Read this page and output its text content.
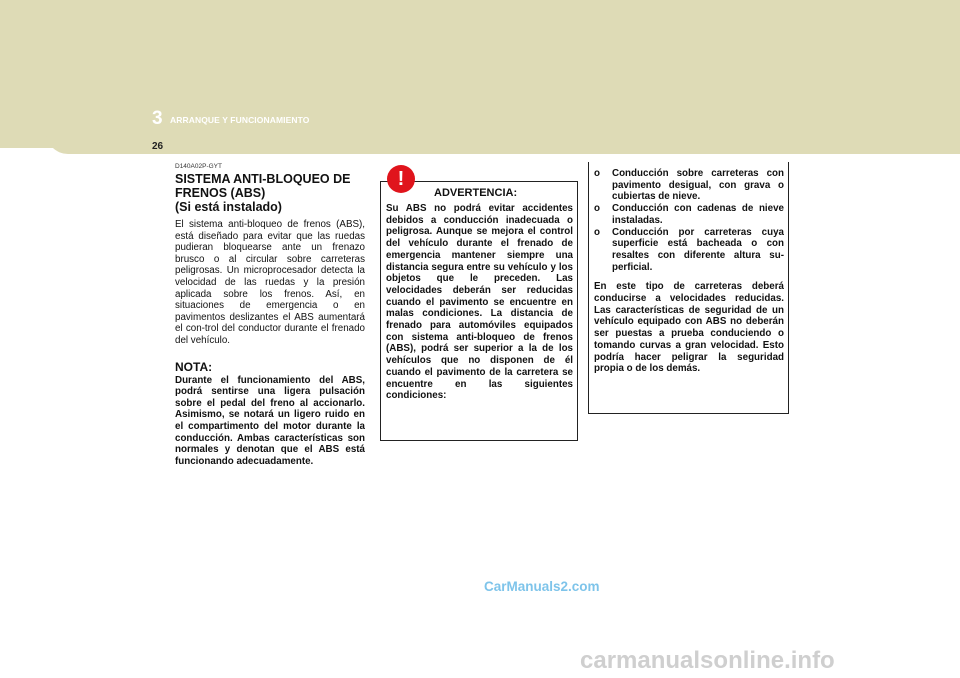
3 ARRANQUE Y FUNCIONAMIENTO
26
D140A02P-GYT

SISTEMA ANTI-BLOQUEO DE FRENOS (ABS)

(Si está instalado)

El sistema anti-bloqueo de frenos (ABS), está diseñado para evitar que las ruedas pudieran bloquearse ante un frenazo brusco o al circular sobre carreteras peligrosas. Un microprocesador detecta la velocidad de las ruedas y la presión aplicada sobre los frenos. Así, en situaciones de emergencia o en pavimentos deslizantes el ABS aumentará el con-trol del conductor durante el frenado del vehículo.

NOTA:

Durante el funcionamiento del ABS, podrá sentirse una ligera pulsación sobre el pedal del freno al accionarlo. Asimismo, se notará un ligero ruido en el compartimento del motor durante la conducción. Ambas características son normales y denotan que el ABS está funcionando adecuadamente.

ADVERTENCIA:

Su ABS no podrá evitar accidentes debidos a conducción inadecuada o peligrosa. Aunque se mejora el control del vehículo durante el frenado de emergencia mantener siempre una distancia segura entre su vehículo y los objetos que le preceden. Las velocidades deberán ser reducidas cuando el pavimento se encuentre en malas condiciones. La distancia de frenado para automóviles equipados con sistema anti-bloqueo de frenos (ABS), podrá ser superior a la de los vehículos que no disponen de él cuando el pavimento de la carretera se encuentre en las siguientes condiciones:

!	o	Conducción sobre carreteras con pavimento desigual, con grava o cubiertas de nieve.
o	Conducción con cadenas de nieve instaladas.
o	Conducción por carreteras cuya superficie está bacheada o con resaltes con diferente altura su-perficial.

En este tipo de carreteras deberá conducirse a velocidades reducidas. Las características de seguridad de un vehículo equipado con ABS no deberán ser puestas a prueba conduciendo o tomando curvas a gran velocidad. Esto podría hacer peligrar la seguridad propia o de los demás.

CarManuals2.com
carmanualsonline.info
